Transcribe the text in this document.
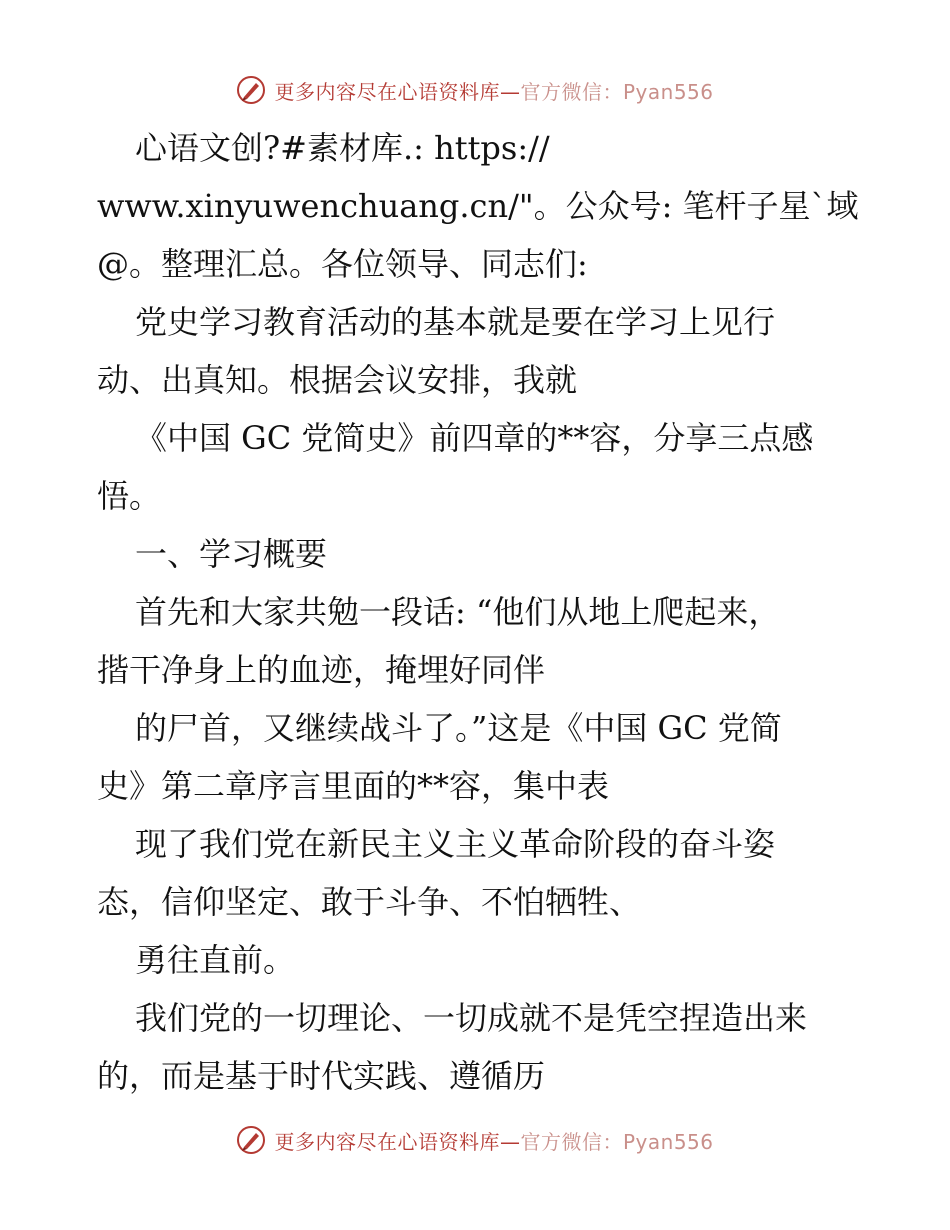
更多内容尽在心语资料库—官方微信：Pyan556
心语文创?#素材库.: https://
www.xinyuwenchuang.cn/"。公众号: 笔杆子星`域
@。整理汇总。各位领导、同志们:
党史学习教育活动的基本就是要在学习上见行
动、出真知。根据会议安排，我就
《中国 GC 党简史》前四章的**容，分享三点感
悟。
一、学习概要
首先和大家共勉一段话: “他们从地上爬起来，
揩干净身上的血迹，掩埋好同伴
的尸首，又继续战斗了。”这是《中国 GC 党简
史》第二章序言里面的**容，集中表
现了我们党在新民主义主义革命阶段的奋斗姿
态，信仰坚定、敢于斗争、不怕牺牲、
勇往直前。
我们党的一切理论、一切成就不是凭空捏造出来
的，而是基于时代实践、遵循历
更多内容尽在心语资料库—官方微信：Pyan556
